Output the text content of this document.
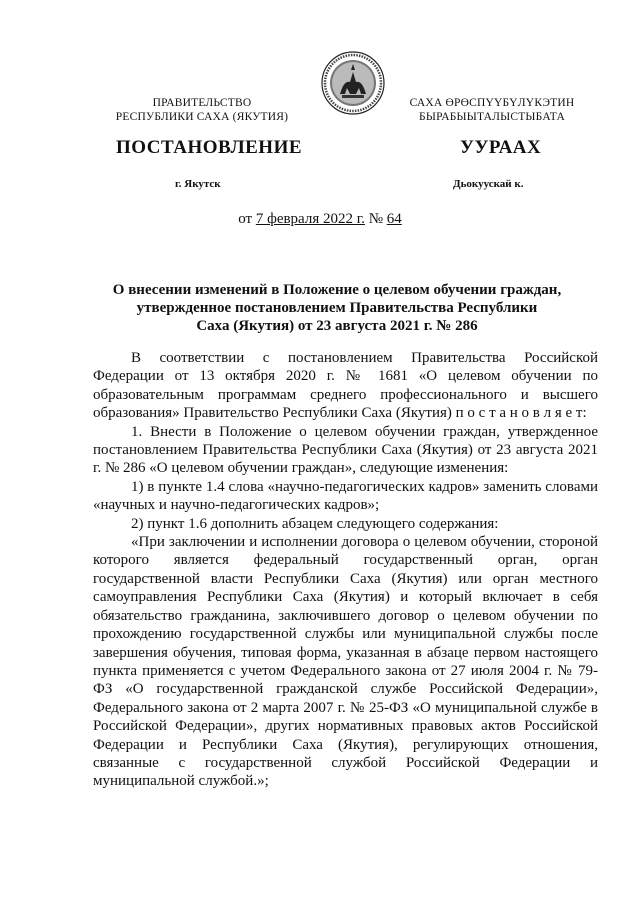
ПРАВИТЕЛЬСТВО
РЕСПУБЛИКИ САХА (ЯКУТИЯ)
САХА ӨРӨСПҮҮБҮЛҮКЭТИН
БЫРАБЫЫТАЛЫСТЫБАТА
ПОСТАНОВЛЕНИЕ	УУРААХ
г. Якутск	Дьокуускай к.
от 7 февраля 2022 г. № 64
О внесении изменений в Положение о целевом обучении граждан,
утвержденное постановлением Правительства Республики
Саха (Якутия) от 23 августа 2021 г. № 286

В соответствии с постановлением Правительства Российской Федерации от 13 октября 2020 г. № 1681 «О целевом обучении по образовательным программам среднего профессионального и высшего образования» Правительство Республики Саха (Якутия) п о с т а н о в л я е т:

1. Внести в Положение о целевом обучении граждан, утвержденное постановлением Правительства Республики Саха (Якутия) от 23 августа 2021 г. № 286 «О целевом обучении граждан», следующие изменения:

1) в пункте 1.4 слова «научно-педагогических кадров» заменить словами «научных и научно-педагогических кадров»;

2) пункт 1.6 дополнить абзацем следующего содержания:

«При заключении и исполнении договора о целевом обучении, стороной которого является федеральный государственный орган, орган государственной власти Республики Саха (Якутия) или орган местного самоуправления Республики Саха (Якутия) и который включает в себя обязательство гражданина, заключившего договор о целевом обучении по прохождению государственной службы или муниципальной службы после завершения обучения, типовая форма, указанная в абзаце первом настоящего пункта применяется с учетом Федерального закона от 27 июля 2004 г. № 79-ФЗ «О государственной гражданской службе Российской Федерации», Федерального закона от 2 марта 2007 г. № 25-ФЗ «О муниципальной службе в Российской Федерации», других нормативных правовых актов Российской Федерации и Республики Саха (Якутия), регулирующих отношения, связанные с государственной службой Российской Федерации и муниципальной службой.»;
